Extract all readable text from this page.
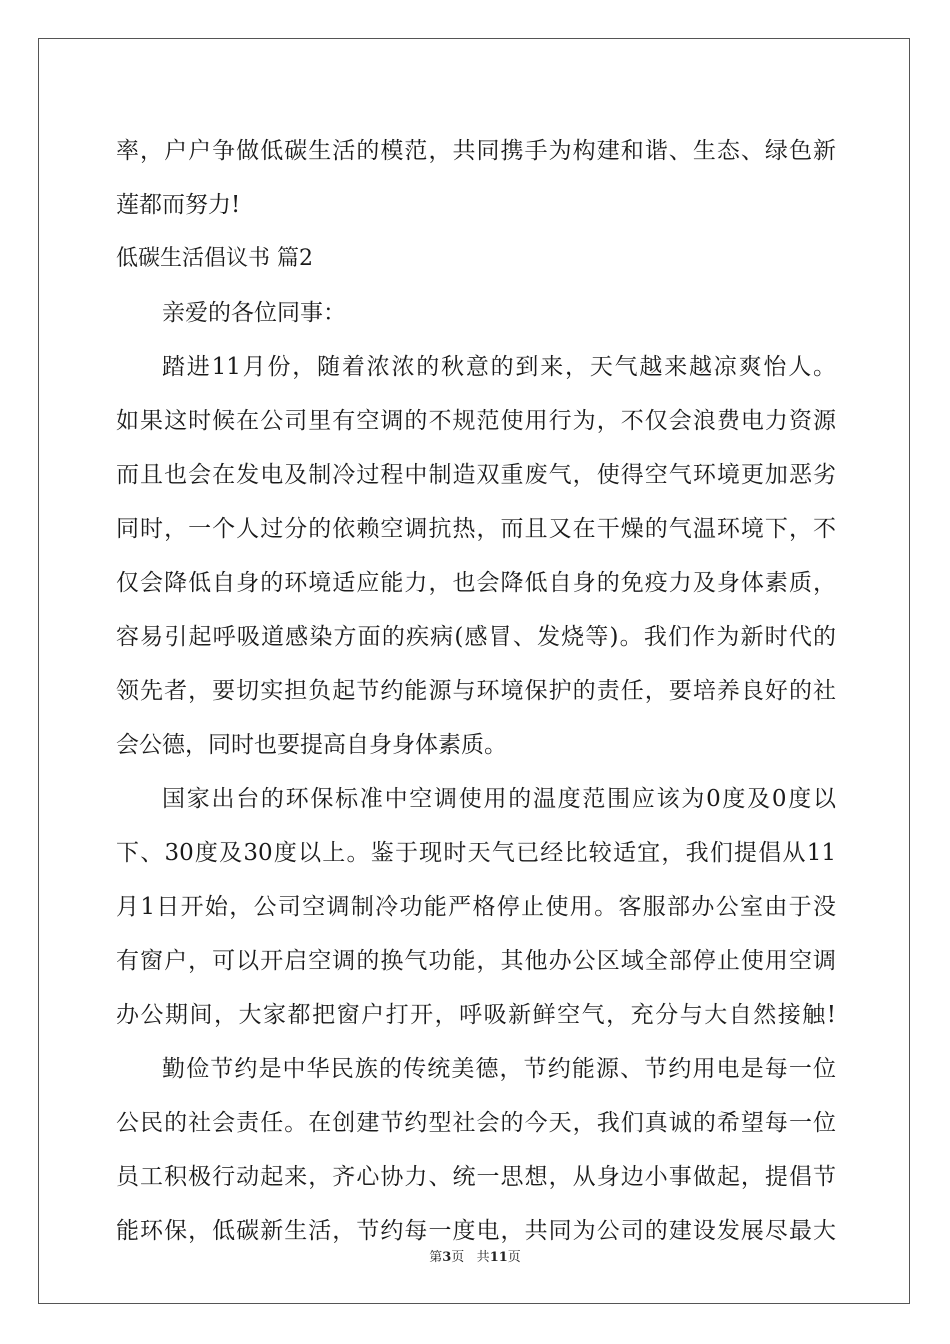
率，户户争做低碳生活的模范，共同携手为构建和谐、生态、绿色新
莲都而努力!
低碳生活倡议书 篇2
亲爱的各位同事：
踏进11月份，随着浓浓的秋意的到来，天气越来越凉爽怡人。
如果这时候在公司里有空调的不规范使用行为，不仅会浪费电力资源
而且也会在发电及制冷过程中制造双重废气，使得空气环境更加恶劣
同时，一个人过分的依赖空调抗热，而且又在干燥的气温环境下，不
仅会降低自身的环境适应能力，也会降低自身的免疫力及身体素质，
容易引起呼吸道感染方面的疾病(感冒、发烧等)。我们作为新时代的
领先者，要切实担负起节约能源与环境保护的责任，要培养良好的社
会公德，同时也要提高自身身体素质。
国家出台的环保标准中空调使用的温度范围应该为0度及0度以
下、30度及30度以上。鉴于现时天气已经比较适宜，我们提倡从11
月1日开始，公司空调制冷功能严格停止使用。客服部办公室由于没
有窗户，可以开启空调的换气功能，其他办公区域全部停止使用空调
办公期间，大家都把窗户打开，呼吸新鲜空气，充分与大自然接触!
勤俭节约是中华民族的传统美德，节约能源、节约用电是每一位
公民的社会责任。在创建节约型社会的今天，我们真诚的希望每一位
员工积极行动起来，齐心协力、统一思想，从身边小事做起，提倡节
能环保，低碳新生活，节约每一度电，共同为公司的建设发展尽最大
第3页 共11页
